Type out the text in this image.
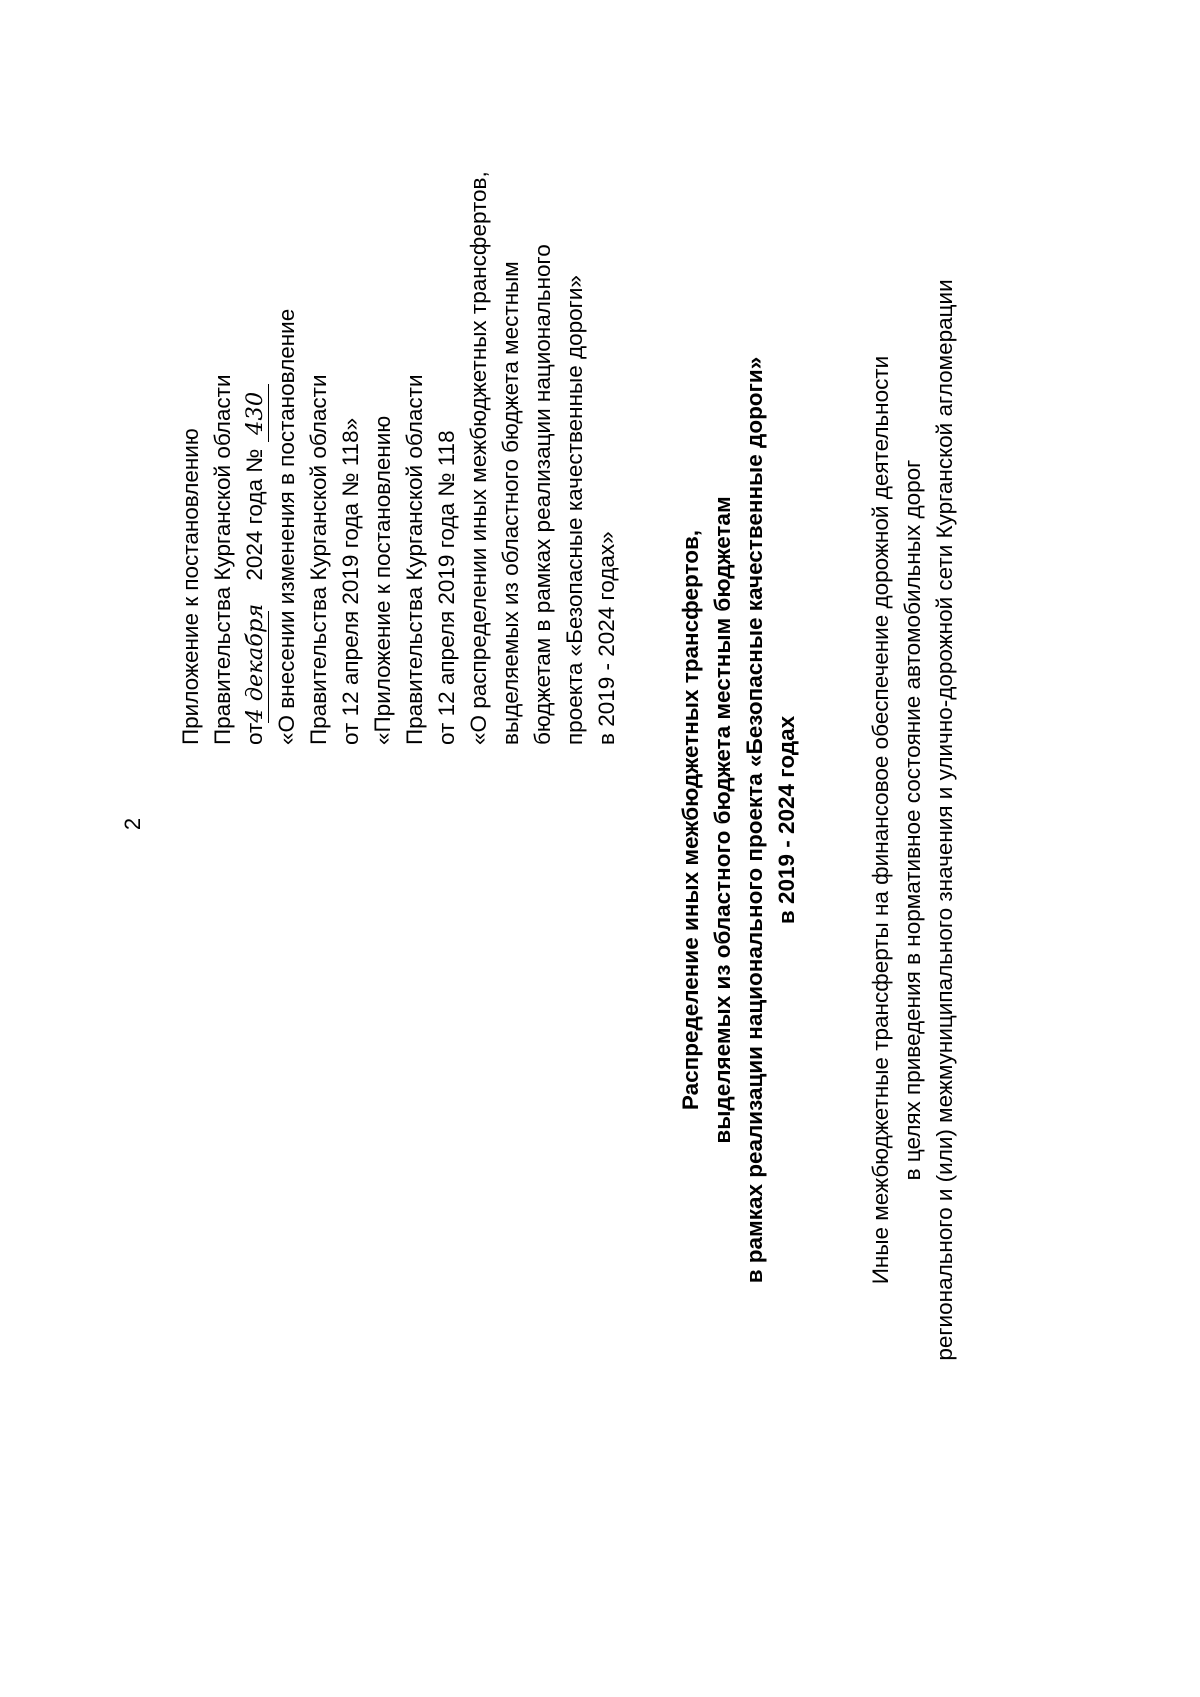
2
Приложение к постановлению Правительства Курганской области от4 декабря2024 года № 430 «О внесении изменения в постановление Правительства Курганской области от 12 апреля 2019 года № 118» «Приложение к постановлению Правительства Курганской области от 12 апреля 2019 года № 118 «О распределении иных межбюджетных трансфертов, выделяемых из областного бюджета местным бюджетам в рамках реализации национального проекта «Безопасные качественные дороги» в 2019 - 2024 годах»	Распределение иных межбюджетных трансфертов, выделяемых из областного бюджета местным бюджетам в рамках реализации национального проекта «Безопасные качественные дороги» в 2019 - 2024 годах	Иные межбюджетные трансферты на финансовое обеспечение дорожной деятельности в целях приведения в нормативное состояние автомобильных дорог регионального и (или) межмуниципального значения и улично-дорожной сети Курганской агломерации
